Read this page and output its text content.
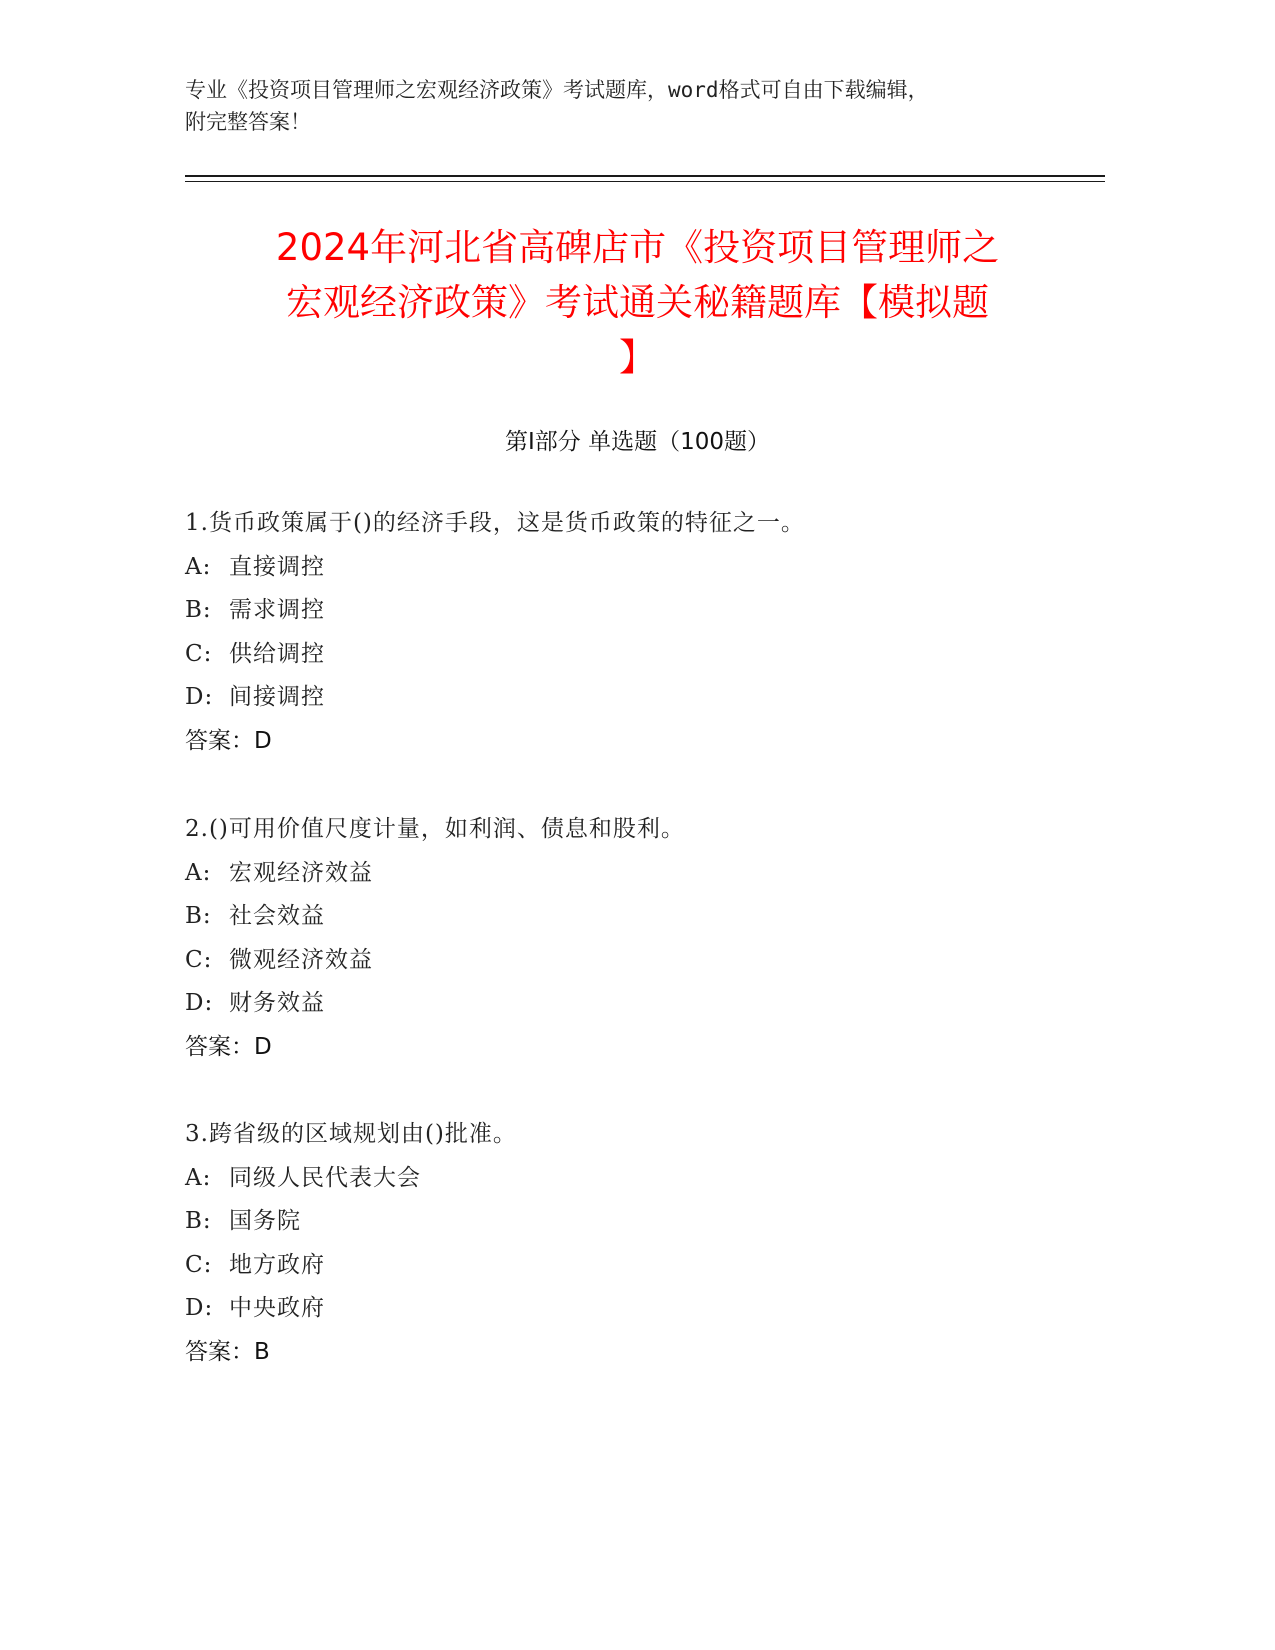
专业《投资项目管理师之宏观经济政策》考试题库，word格式可自由下载编辑，
附完整答案！
2024年河北省高碑店市《投资项目管理师之
宏观经济政策》考试通关秘籍题库【模拟题
】
第Ⅰ部分 单选题（100题）
1.货币政策属于()的经济手段，这是货币政策的特征之一。
A: 直接调控
B: 需求调控
C: 供给调控
D: 间接调控
答案：D
2.()可用价值尺度计量，如利润、债息和股利。
A: 宏观经济效益
B: 社会效益
C: 微观经济效益
D: 财务效益
答案：D
3.跨省级的区域规划由()批准。
A: 同级人民代表大会
B: 国务院
C: 地方政府
D: 中央政府
答案：B
